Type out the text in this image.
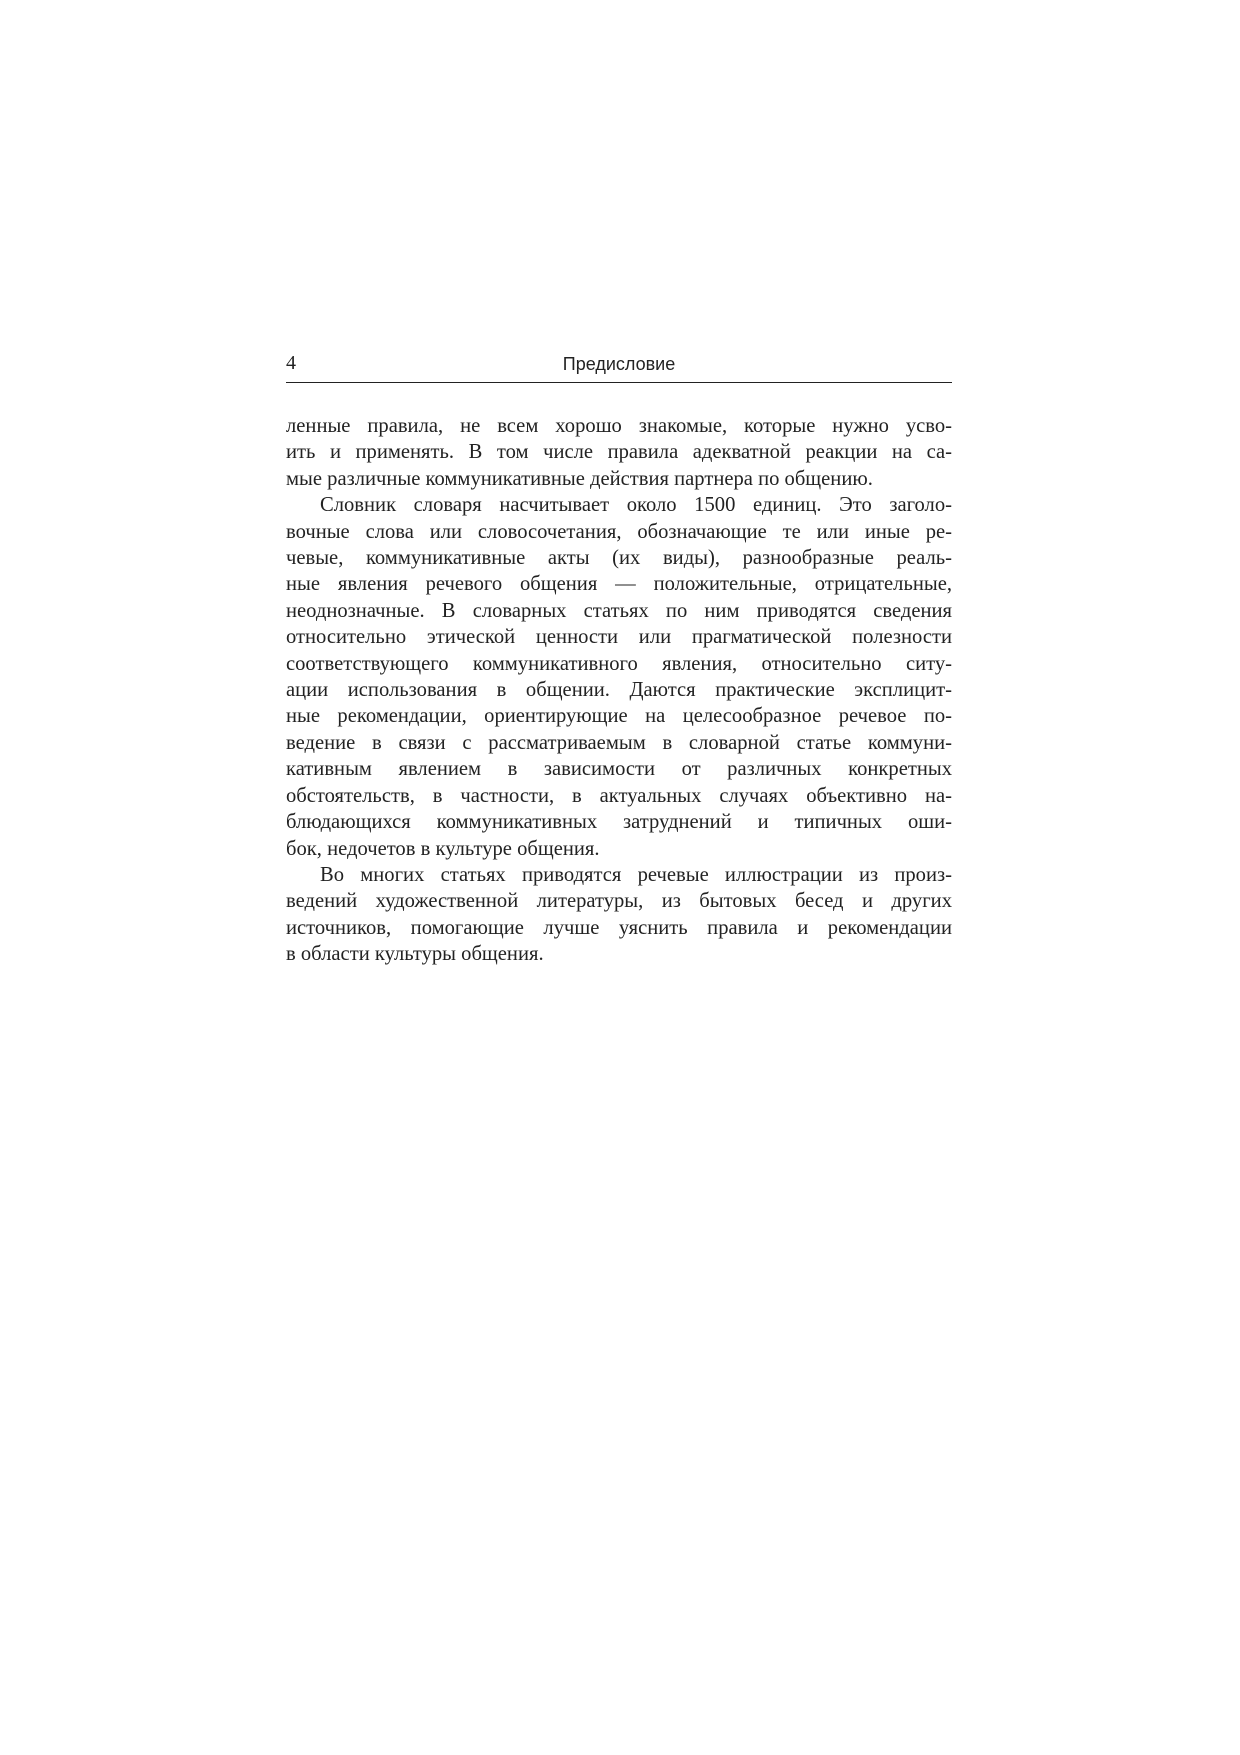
4	Предисловие
ленные правила, не всем хорошо знакомые, которые нужно усво-
ить и применять. В том числе правила адекватной реакции на са-
мые различные коммуникативные действия партнера по общению.
Словник словаря насчитывает около 1500 единиц. Это заголо-
вочные слова или словосочетания, обозначающие те или иные ре-
чевые, коммуникативные акты (их виды), разнообразные реаль-
ные явления речевого общения — положительные, отрицательные,
неоднозначные. В словарных статьях по ним приводятся сведения
относительно этической ценности или прагматической полезности
соответствующего коммуникативного явления, относительно ситу-
ации использования в общении. Даются практические эксплицит-
ные рекомендации, ориентирующие на целесообразное речевое по-
ведение в связи с рассматриваемым в словарной статье коммуни-
кативным явлением в зависимости от различных конкретных
обстоятельств, в частности, в актуальных случаях объективно на-
блюдающихся коммуникативных затруднений и типичных оши-
бок, недочетов в культуре общения.
Во многих статьях приводятся речевые иллюстрации из произ-
ведений художественной литературы, из бытовых бесед и других
источников, помогающие лучше уяснить правила и рекомендации
в области культуры общения.
